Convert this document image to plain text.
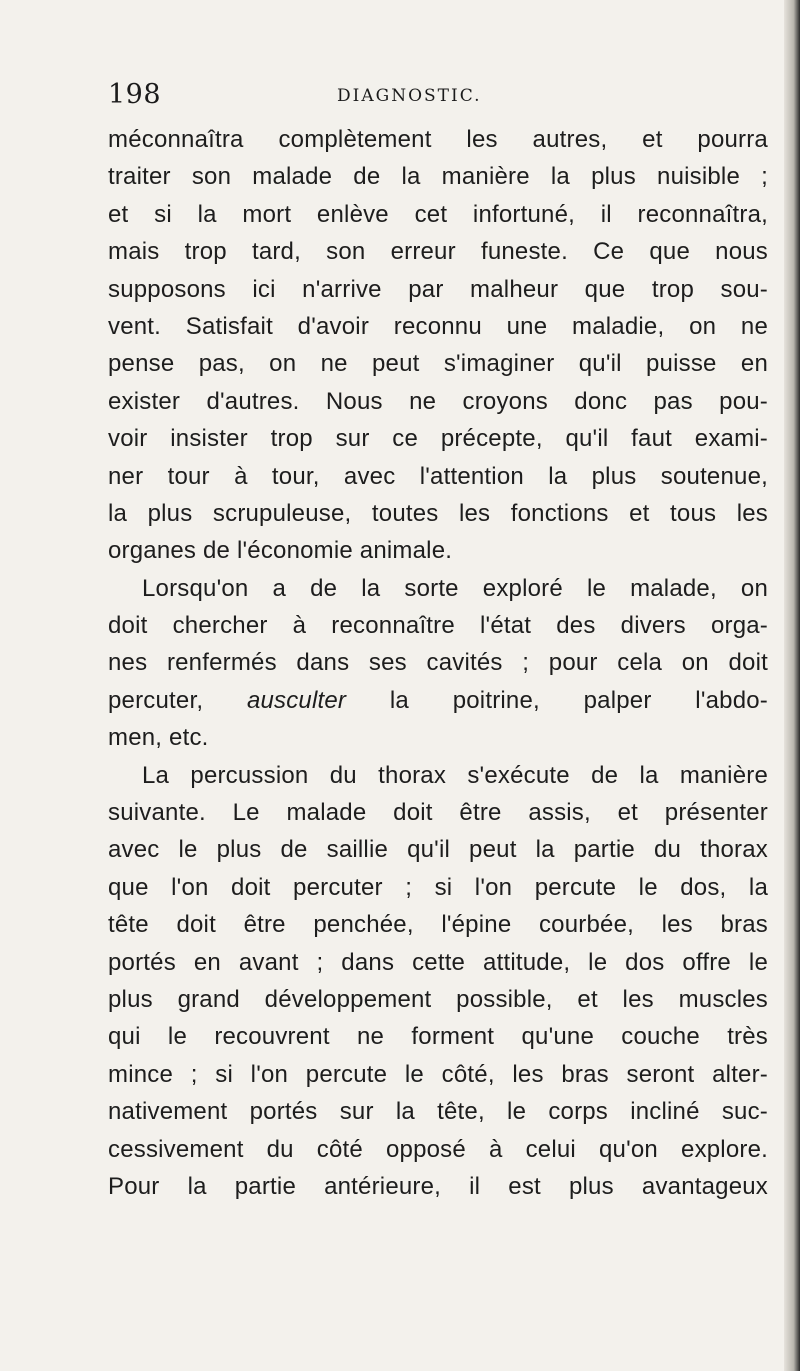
198	DIAGNOSTIC.
méconnaîtra complètement les autres, et pourra
traiter son malade de la manière la plus nuisible ;
et si la mort enlève cet infortuné, il reconnaîtra,
mais trop tard, son erreur funeste. Ce que nous
supposons ici n'arrive par malheur que trop sou-
vent. Satisfait d'avoir reconnu une maladie, on ne
pense pas, on ne peut s'imaginer qu'il puisse en
exister d'autres. Nous ne croyons donc pas pou-
voir insister trop sur ce précepte, qu'il faut exami-
ner tour à tour, avec l'attention la plus soutenue,
la plus scrupuleuse, toutes les fonctions et tous les
organes de l'économie animale.
Lorsqu'on a de la sorte exploré le malade, on
doit chercher à reconnaître l'état des divers orga-
nes renfermés dans ses cavités ; pour cela on doit
percuter, ausculter la poitrine, palper l'abdo-
men, etc.
La percussion du thorax s'exécute de la manière
suivante. Le malade doit être assis, et présenter
avec le plus de saillie qu'il peut la partie du thorax
que l'on doit percuter ; si l'on percute le dos, la
tête doit être penchée, l'épine courbée, les bras
portés en avant ; dans cette attitude, le dos offre le
plus grand développement possible, et les muscles
qui le recouvrent ne forment qu'une couche très
mince ; si l'on percute le côté, les bras seront alter-
nativement portés sur la tête, le corps incliné suc-
cessivement du côté opposé à celui qu'on explore.
Pour la partie antérieure, il est plus avantageux
